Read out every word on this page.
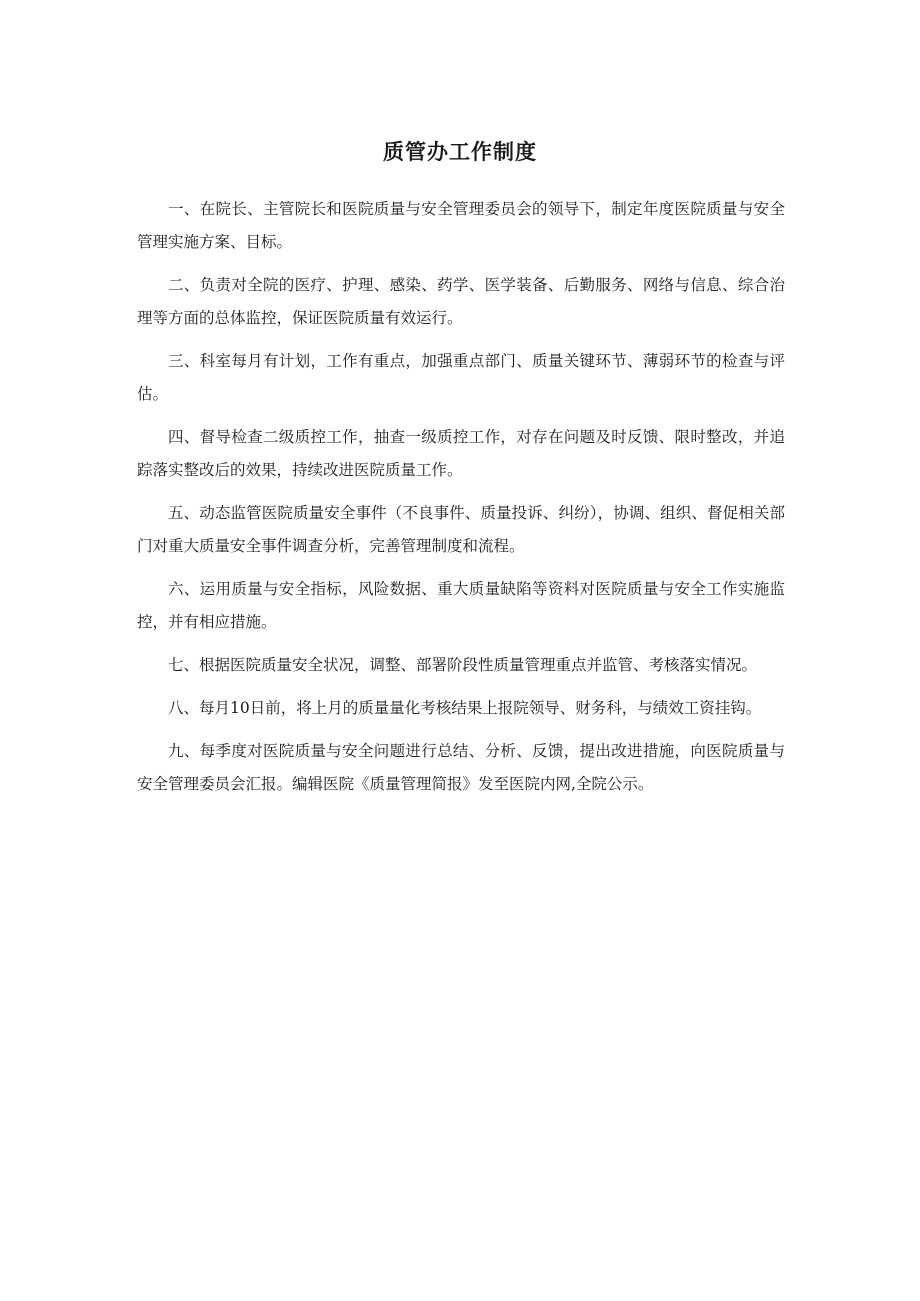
质管办工作制度

一、在院长、主管院长和医院质量与安全管理委员会的领导下，制定年度医院质量与安全管理实施方案、目标。

二、负责对全院的医疗、护理、感染、药学、医学装备、后勤服务、网络与信息、综合治理等方面的总体监控，保证医院质量有效运行。

三、科室每月有计划，工作有重点，加强重点部门、质量关键环节、薄弱环节的检查与评估。

四、督导检查二级质控工作，抽查一级质控工作，对存在问题及时反馈、限时整改，并追踪落实整改后的效果，持续改进医院质量工作。

五、动态监管医院质量安全事件（不良事件、质量投诉、纠纷），协调、组织、督促相关部门对重大质量安全事件调查分析，完善管理制度和流程。

六、运用质量与安全指标，风险数据、重大质量缺陷等资料对医院质量与安全工作实施监控，并有相应措施。

七、根据医院质量安全状况，调整、部署阶段性质量管理重点并监管、考核落实情况。

八、每月10日前，将上月的质量量化考核结果上报院领导、财务科，与绩效工资挂钩。

九、每季度对医院质量与安全问题进行总结、分析、反馈，提出改进措施，向医院质量与安全管理委员会汇报。编辑医院《质量管理简报》发至医院内网,全院公示。
